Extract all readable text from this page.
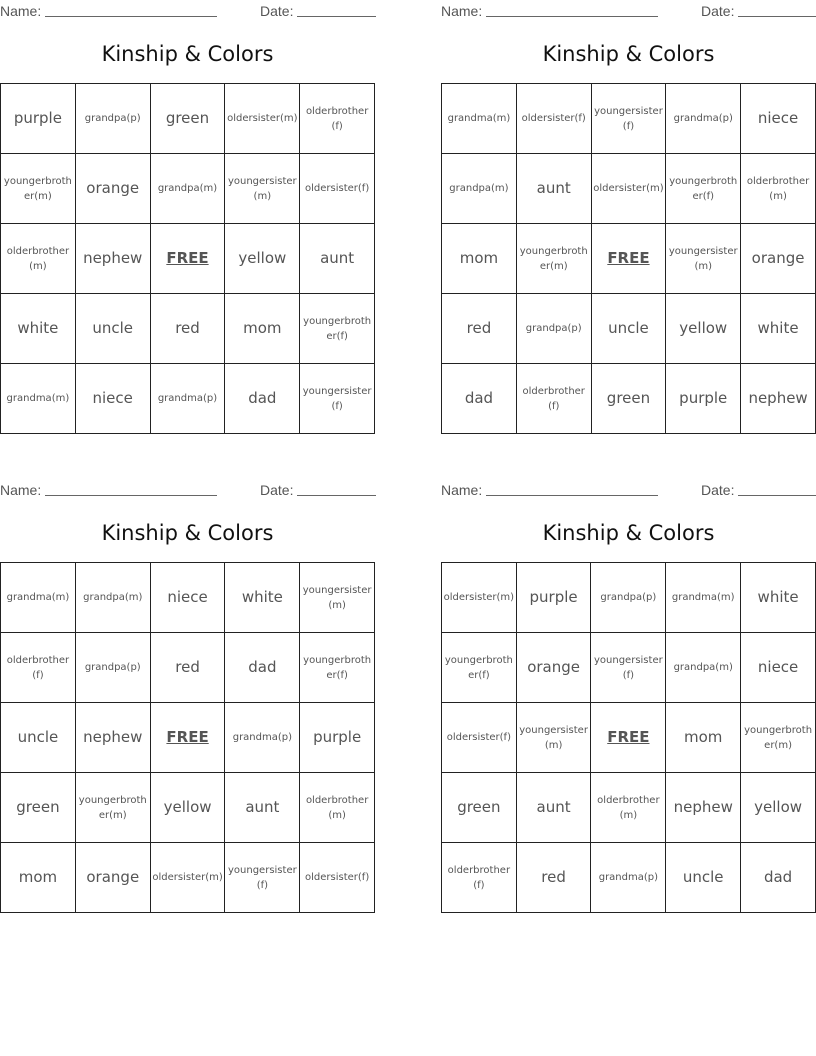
Name:	Date:
Kinship & Colors
purple	grandpa(p)	green	oldersister(m)	olderbrother(f)
youngerbrother(m)	orange	grandpa(m)	youngersister(m)	oldersister(f)
olderbrother(m)	nephew	FREE	yellow	aunt
white	uncle	red	mom	youngerbrother(f)
grandma(m)	niece	grandma(p)	dad	youngersister(f)
Name:	Date:
Kinship & Colors
grandma(m)	oldersister(f)	youngersister(f)	grandma(p)	niece
grandpa(m)	aunt	oldersister(m)	youngerbrother(f)	olderbrother(m)
mom	youngerbrother(m)	FREE	youngersister(m)	orange
red	grandpa(p)	uncle	yellow	white
dad	olderbrother(f)	green	purple	nephew
Name:	Date:
Kinship & Colors
grandma(m)	grandpa(m)	niece	white	youngersister(m)
olderbrother(f)	grandpa(p)	red	dad	youngerbrother(f)
uncle	nephew	FREE	grandma(p)	purple
green	youngerbrother(m)	yellow	aunt	olderbrother(m)
mom	orange	oldersister(m)	youngersister(f)	oldersister(f)
Name:	Date:
Kinship & Colors
oldersister(m)	purple	grandpa(p)	grandma(m)	white
youngerbrother(f)	orange	youngersister(f)	grandpa(m)	niece
oldersister(f)	youngersister(m)	FREE	mom	youngerbrother(m)
green	aunt	olderbrother(m)	nephew	yellow
olderbrother(f)	red	grandma(p)	uncle	dad
